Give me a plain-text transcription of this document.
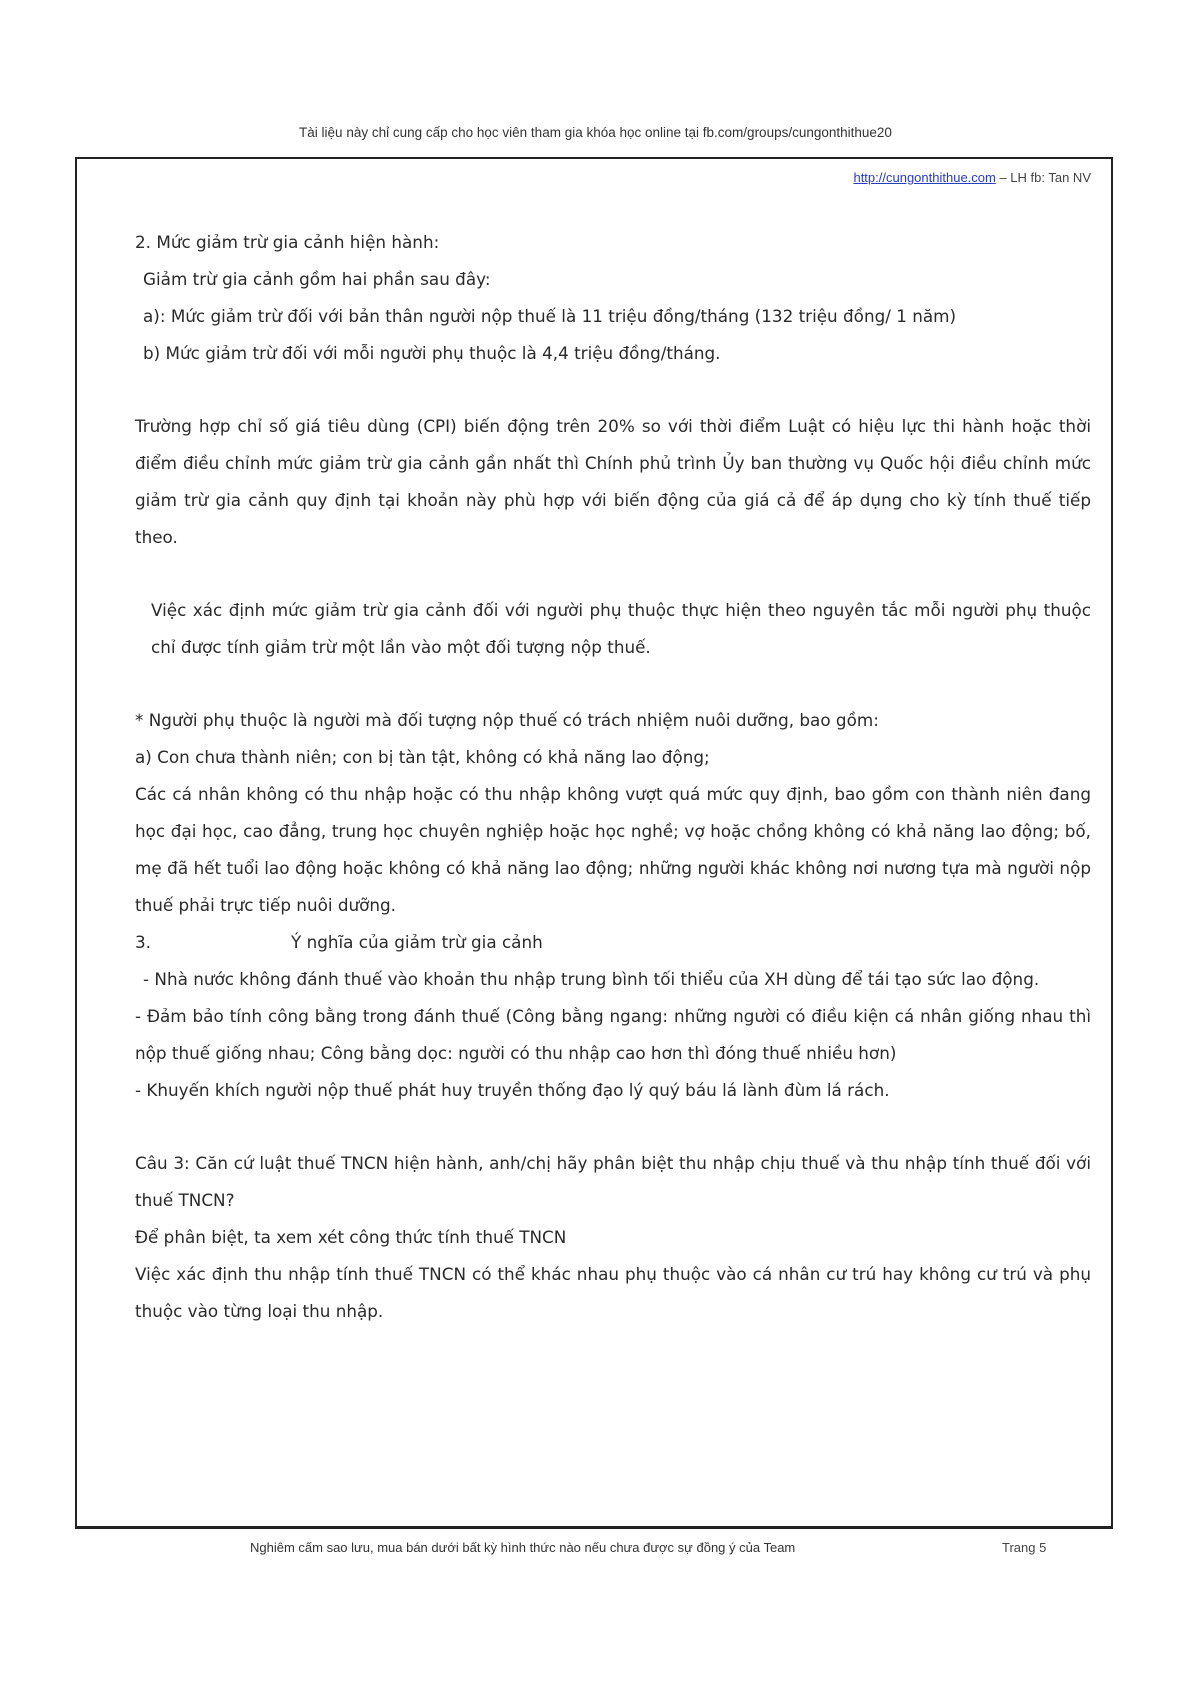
Tài liệu này chỉ cung cấp cho học viên tham gia khóa học online tại fb.com/groups/cungonthithue20
http://cungonthithue.com – LH fb: Tan NV

2. Mức giảm trừ gia cảnh hiện hành:

Giảm trừ gia cảnh gồm hai phần sau đây:

a): Mức giảm trừ đối với bản thân người nộp thuế là 11 triệu đồng/tháng (132 triệu đồng/ 1 năm)

b) Mức giảm trừ đối với mỗi người phụ thuộc là 4,4 triệu đồng/tháng.

Trường hợp chỉ số giá tiêu dùng (CPI) biến động trên 20% so với thời điểm Luật có hiệu lực thi hành hoặc thời điểm điều chỉnh mức giảm trừ gia cảnh gần nhất thì Chính phủ trình Ủy ban thường vụ Quốc hội điều chỉnh mức giảm trừ gia cảnh quy định tại khoản này phù hợp với biến động của giá cả để áp dụng cho kỳ tính thuế tiếp theo.

Việc xác định mức giảm trừ gia cảnh đối với người phụ thuộc thực hiện theo nguyên tắc mỗi người phụ thuộc chỉ được tính giảm trừ một lần vào một đối tượng nộp thuế.

* Người phụ thuộc là người mà đối tượng nộp thuế có trách nhiệm nuôi dưỡng, bao gồm:

a) Con chưa thành niên; con bị tàn tật, không có khả năng lao động;

Các cá nhân không có thu nhập hoặc có thu nhập không vượt quá mức quy định, bao gồm con thành niên đang học đại học, cao đẳng, trung học chuyên nghiệp hoặc học nghề; vợ hoặc chồng không có khả năng lao động; bố, mẹ đã hết tuổi lao động hoặc không có khả năng lao động; những người khác không nơi nương tựa mà người nộp thuế phải trực tiếp nuôi dưỡng.

3.	Ý nghĩa của giảm trừ gia cảnh

- Nhà nước không đánh thuế vào khoản thu nhập trung bình tối thiểu của XH dùng để tái tạo sức lao động.

- Đảm bảo tính công bằng trong đánh thuế (Công bằng ngang: những người có điều kiện cá nhân giống nhau thì nộp thuế giống nhau; Công bằng dọc: người có thu nhập cao hơn thì đóng thuế nhiều hơn)

- Khuyến khích người nộp thuế phát huy truyền thống đạo lý quý báu lá lành đùm lá rách.

Câu 3: Căn cứ luật thuế TNCN hiện hành, anh/chị hãy phân biệt thu nhập chịu thuế và thu nhập tính thuế đối với thuế TNCN?

Để phân biệt, ta xem xét công thức tính thuế TNCN

Việc xác định thu nhập tính thuế TNCN có thể khác nhau phụ thuộc vào cá nhân cư trú hay không cư trú và phụ thuộc vào từng loại thu nhập.

Nghiêm cấm sao lưu, mua bán dưới bất kỳ hình thức nào nếu chưa được sự đồng ý của Team	Trang 5
